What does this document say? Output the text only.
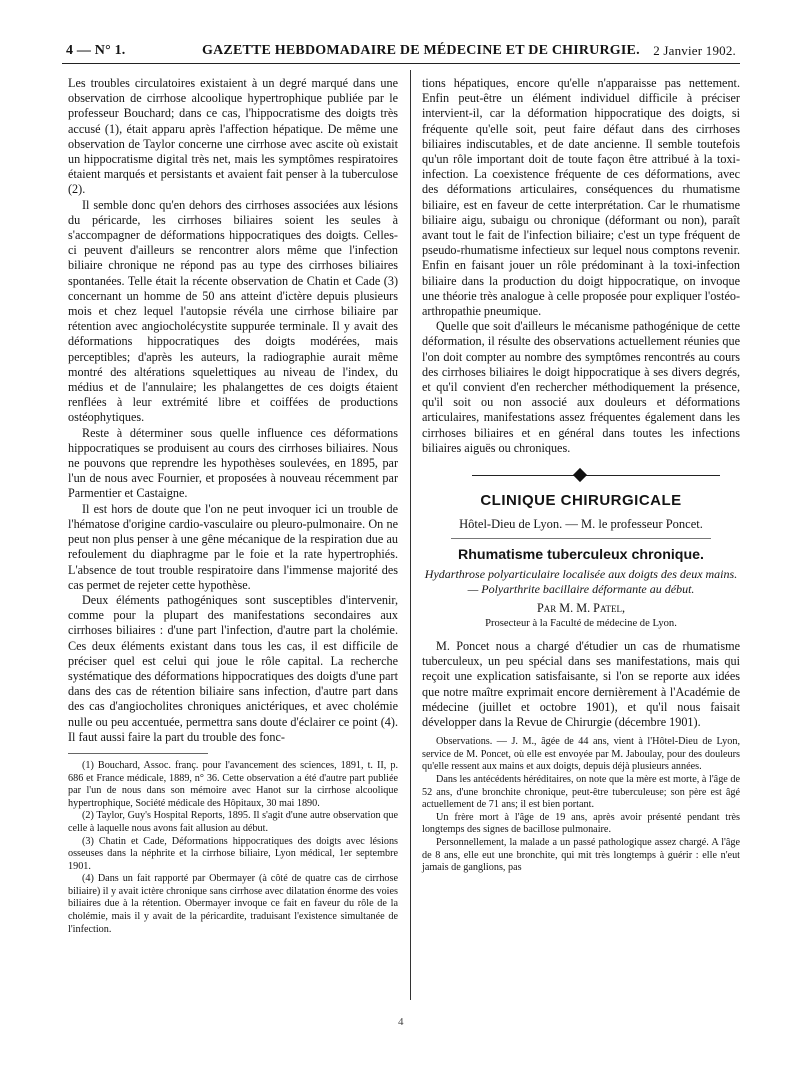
4 — N° 1.	GAZETTE HEBDOMADAIRE DE MÉDECINE ET DE CHIRURGIE. 2 Janvier 1902.

Les troubles circulatoires existaient à un degré marqué dans une observation de cirrhose alcoolique hypertrophique publiée par le professeur Bouchard; dans ce cas, l'hippocratisme des doigts très accusé (1), était apparu après l'affection hépatique. De même une observation de Taylor concerne une cirrhose avec ascite où existait un hippocratisme digital très net, mais les symptômes respiratoires étaient marqués et persistants et avaient fait penser à la tuberculose (2).

Il semble donc qu'en dehors des cirrhoses associées aux lésions du péricarde, les cirrhoses biliaires soient les seules à s'accompagner de déformations hippocratiques des doigts. Celles-ci peuvent d'ailleurs se rencontrer alors même que l'infection biliaire chronique ne répond pas au type des cirrhoses biliaires spontanées. Telle était la récente observation de Chatin et Cade (3) concernant un homme de 50 ans atteint d'ictère depuis plusieurs mois et chez lequel l'autopsie révéla une cirrhose biliaire par rétention avec angiocholécystite suppurée terminale. Il y avait des déformations hippocratiques des doigts modérées, mais perceptibles; d'après les auteurs, la radiographie aurait même montré des altérations squelettiques au niveau de l'index, du médius et de l'annulaire; les phalangettes de ces doigts étaient renflées à leur extrémité libre et coiffées de productions ostéophytiques.

Reste à déterminer sous quelle influence ces déformations hippocratiques se produisent au cours des cirrhoses biliaires. Nous ne pouvons que reprendre les hypothèses soulevées, en 1895, par l'un de nous avec Fournier, et proposées à nouveau récemment par Parmentier et Castaigne.

Il est hors de doute que l'on ne peut invoquer ici un trouble de l'hématose d'origine cardio-vasculaire ou pleuro-pulmonaire. On ne peut non plus penser à une gêne mécanique de la respiration due au refoulement du diaphragme par le foie et la rate hypertrophiés. L'absence de tout trouble respiratoire dans l'immense majorité des cas permet de rejeter cette hypothèse.

Deux éléments pathogéniques sont susceptibles d'intervenir, comme pour la plupart des manifestations secondaires aux cirrhoses biliaires : d'une part l'infection, d'autre part la cholémie. Ces deux éléments existant dans tous les cas, il est difficile de préciser quel est celui qui joue le rôle capital. La recherche systématique des déformations hippocratiques des doigts d'une part dans des cas de rétention biliaire sans infection, d'autre part dans des cas d'angiocholites chroniques anictériques, et avec cholémie nulle ou peu accentuée, permettra sans doute d'éclairer ce point (4). Il faut aussi faire la part du trouble des fonc-

(1) Bouchard, Assoc. franç. pour l'avancement des sciences, 1891, t. II, p. 686 et France médicale, 1889, n° 36. Cette observation a été d'autre part publiée par l'un de nous dans son mémoire avec Hanot sur la cirrhose alcoolique hypertrophique, Société médicale des Hôpitaux, 30 mai 1890.

(2) Taylor, Guy's Hospital Reports, 1895. Il s'agit d'une autre observation que celle à laquelle nous avons fait allusion au début.

(3) Chatin et Cade, Déformations hippocratiques des doigts avec lésions osseuses dans la néphrite et la cirrhose biliaire, Lyon médical, 1er septembre 1901.

(4) Dans un fait rapporté par Obermayer (à côté de quatre cas de cirrhose biliaire) il y avait ictère chronique sans cirrhose avec dilatation énorme des voies biliaires due à la rétention. Obermayer invoque ce fait en faveur du rôle de la cholémie, mais il y avait de la péricardite, traduisant l'existence simultanée de l'infection.

tions hépatiques, encore qu'elle n'apparaisse pas nettement. Enfin peut-être un élément individuel difficile à préciser intervient-il, car la déformation hippocratique des doigts, si fréquente qu'elle soit, peut faire défaut dans des cirrhoses biliaires indiscutables, et de date ancienne. Il semble toutefois qu'un rôle important doit de toute façon être attribué à la toxi-infection. La coexistence fréquente de ces déformations, avec des déformations articulaires, conséquences du rhumatisme biliaire, est en faveur de cette interprétation. Car le rhumatisme biliaire aigu, subaigu ou chronique (déformant ou non), paraît avant tout le fait de l'infection biliaire; c'est un type fréquent de pseudo-rhumatisme infectieux sur lequel nous comptons revenir. Enfin en faisant jouer un rôle prédominant à la toxi-infection biliaire dans la production du doigt hippocratique, on invoque une théorie très analogue à celle proposée pour expliquer l'ostéo-arthropathie pneumique.

Quelle que soit d'ailleurs le mécanisme pathogénique de cette déformation, il résulte des observations actuellement réunies que l'on doit compter au nombre des symptômes rencontrés au cours des cirrhoses biliaires le doigt hippocratique à ses divers degrés, et qu'il convient d'en rechercher méthodiquement la présence, qu'il soit ou non associé aux douleurs et déformations articulaires, manifestations assez fréquentes également dans les cirrhoses biliaires et en général dans toutes les infections biliaires aiguës ou chroniques.

CLINIQUE CHIRURGICALE
Hôtel-Dieu de Lyon. — M. le professeur Poncet.
Rhumatisme tuberculeux chronique.
Hydarthrose polyarticulaire localisée aux doigts des deux mains. — Polyarthrite bacillaire déformante au début.
Par M. M. Patel,
Prosecteur à la Faculté de médecine de Lyon.

M. Poncet nous a chargé d'étudier un cas de rhumatisme tuberculeux, un peu spécial dans ses manifestations, mais qui reçoit une explication satisfaisante, si l'on se reporte aux idées que notre maître exprimait encore dernièrement à l'Académie de médecine (juillet et octobre 1901), et qu'il nous faisait développer dans la Revue de Chirurgie (décembre 1901).

Observations. — J. M., âgée de 44 ans, vient à l'Hôtel-Dieu de Lyon, service de M. Poncet, où elle est envoyée par M. Jaboulay, pour des douleurs qu'elle ressent aux mains et aux doigts, depuis déjà plusieurs années.

Dans les antécédents héréditaires, on note que la mère est morte, à l'âge de 52 ans, d'une bronchite chronique, peut-être tuberculeuse; son père est âgé actuellement de 71 ans; il est bien portant.

Un frère mort à l'âge de 19 ans, après avoir présenté pendant très longtemps des signes de bacillose pulmonaire.

Personnellement, la malade a un passé pathologique assez chargé. A l'âge de 8 ans, elle eut une bronchite, qui mit très longtemps à guérir : elle n'eut jamais de ganglions, pas

4
